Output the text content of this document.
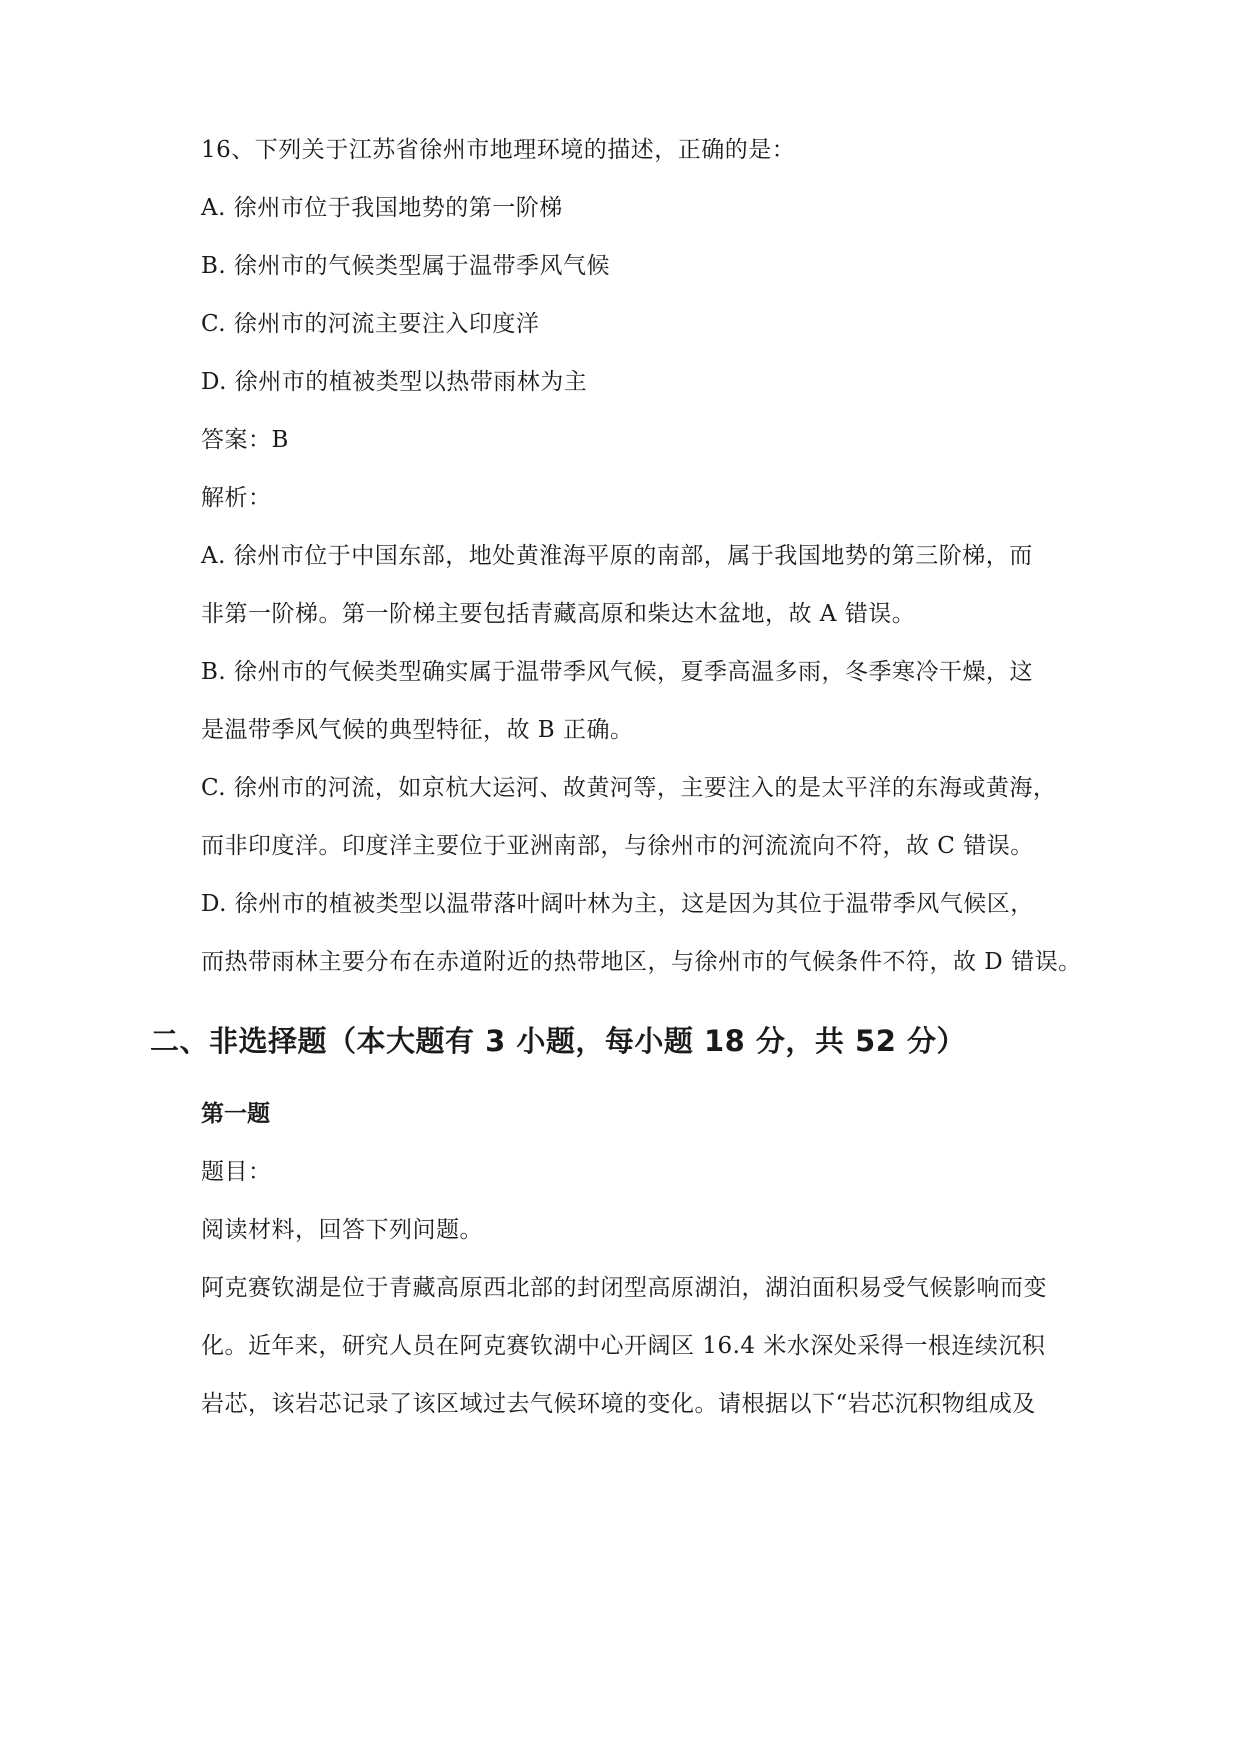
16、下列关于江苏省徐州市地理环境的描述，正确的是：
A. 徐州市位于我国地势的第一阶梯
B. 徐州市的气候类型属于温带季风气候
C. 徐州市的河流主要注入印度洋
D. 徐州市的植被类型以热带雨林为主
答案：B
解析：
A. 徐州市位于中国东部，地处黄淮海平原的南部，属于我国地势的第三阶梯，而
非第一阶梯。第一阶梯主要包括青藏高原和柴达木盆地，故 A 错误。
B. 徐州市的气候类型确实属于温带季风气候，夏季高温多雨，冬季寒冷干燥，这
是温带季风气候的典型特征，故 B 正确。
C. 徐州市的河流，如京杭大运河、故黄河等，主要注入的是太平洋的东海或黄海，
而非印度洋。印度洋主要位于亚洲南部，与徐州市的河流流向不符，故 C 错误。
D. 徐州市的植被类型以温带落叶阔叶林为主，这是因为其位于温带季风气候区，
而热带雨林主要分布在赤道附近的热带地区，与徐州市的气候条件不符，故 D 错误。
二、非选择题（本大题有 3 小题，每小题 18 分，共 52 分）
第一题
题目：
阅读材料，回答下列问题。
阿克赛钦湖是位于青藏高原西北部的封闭型高原湖泊，湖泊面积易受气候影响而变
化。近年来，研究人员在阿克赛钦湖中心开阔区 16.4 米水深处采得一根连续沉积
岩芯，该岩芯记录了该区域过去气候环境的变化。请根据以下“岩芯沉积物组成及
